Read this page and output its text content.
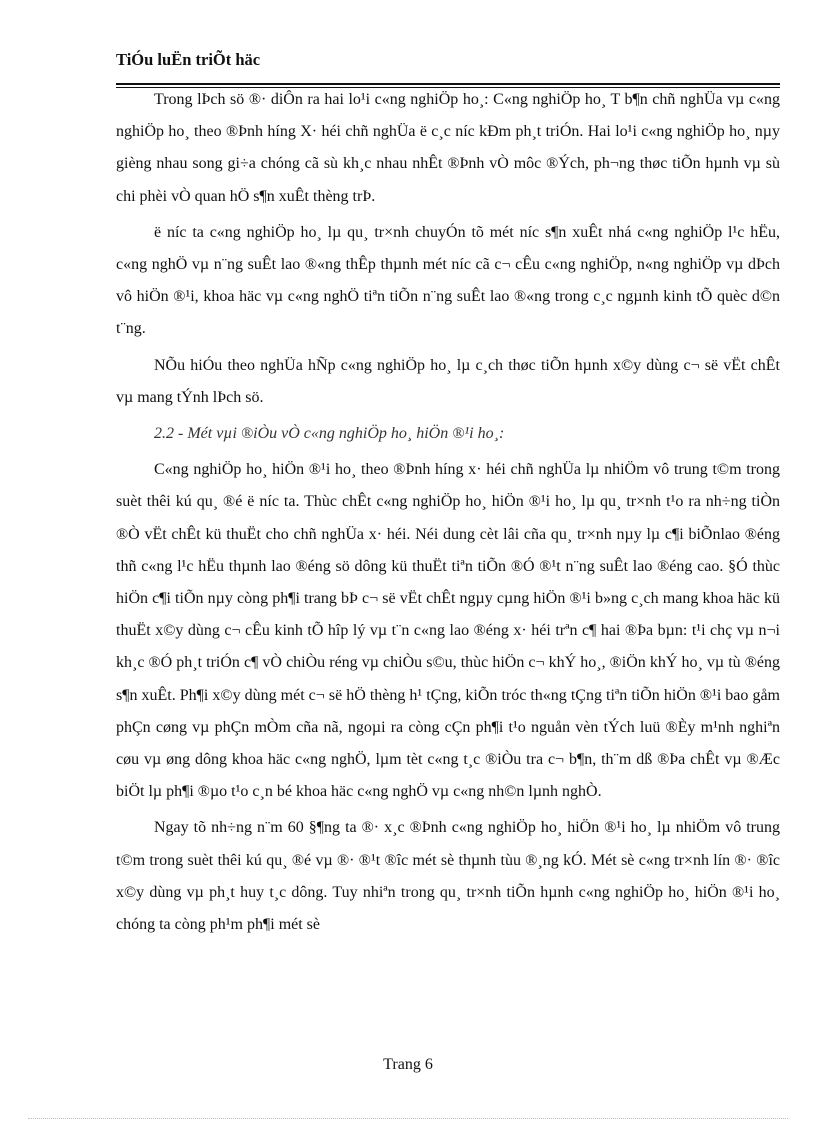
TiÓu luËn triÕt häc

Trong lÞch sö ®· diÔn ra hai lo¹i c«ng nghiÖp ho¸: C«ng nghiÖp ho¸ T b¶n chñ nghÜa vµ c«ng nghiÖp ho¸ theo ®Þnh híng X· héi chñ nghÜa ë c¸c níc kÐm ph¸t triÓn. Hai lo¹i c«ng nghiÖp ho¸ nµy gièng nhau song gi÷a chóng cã sù kh¸c nhau nhÊt ®Þnh vÒ môc ®Ých, ph¬ng thøc tiÕn hµnh vµ sù chi phèi vÒ quan hÖ s¶n xuÊt thèng trÞ.

ë níc ta c«ng nghiÖp ho¸ lµ qu¸ tr×nh chuyÓn tõ mét níc s¶n xuÊt nhá c«ng nghiÖp l¹c hËu, c«ng nghÖ vµ n¨ng suÊt lao ®«ng thÊp thµnh mét níc cã c¬ cÊu c«ng nghiÖp, n«ng nghiÖp vµ dÞch vô hiÖn ®¹i, khoa häc vµ c«ng nghÖ tiªn tiÕn n¨ng suÊt lao ®«ng trong c¸c ngµnh kinh tÕ quèc d©n t¨ng.

NÕu hiÓu theo nghÜa hÑp c«ng nghiÖp ho¸ lµ c¸ch thøc tiÕn hµnh x©y dùng c¬ së vËt chÊt vµ mang tÝnh lÞch sö.

2.2 - Mét vµi ®iÒu vÒ c«ng nghiÖp ho¸ hiÖn ®¹i ho¸:

C«ng nghiÖp ho¸ hiÖn ®¹i ho¸ theo ®Þnh híng x· héi chñ nghÜa lµ nhiÖm vô trung t©m trong suèt thêi kú qu¸ ®é ë níc ta. Thùc chÊt c«ng nghiÖp ho¸ hiÖn ®¹i ho¸ lµ qu¸ tr×nh t¹o ra nh÷ng tiÒn ®Ò vËt chÊt kü thuËt cho chñ nghÜa x· héi. Néi dung cèt lâi cña qu¸ tr×nh nµy lµ c¶i biÕnlao ®éng thñ c«ng l¹c hËu thµnh lao ®éng sö dông kü thuËt tiªn tiÕn ®Ó ®¹t n¨ng suÊt lao ®éng cao. §Ó thùc hiÖn c¶i tiÕn nµy còng ph¶i trang bÞ c¬ së vËt chÊt ngµy cµng hiÖn ®¹i b»ng c¸ch mang khoa häc kü thuËt x©y dùng c¬ cÊu kinh tÕ hîp lý vµ t¨n c«ng lao ®éng x· héi trªn c¶ hai ®Þa bµn: t¹i chç vµ n¬i kh¸c ®Ó ph¸t triÓn c¶ vÒ chiÒu réng vµ chiÒu s©u, thùc hiÖn c¬ khÝ ho¸, ®iÖn khÝ ho¸ vµ tù ®éng s¶n xuÊt. Ph¶i x©y dùng mét c¬ së hÖ thèng h¹ tÇng, kiÕn tróc th«ng tÇng tiªn tiÕn hiÖn ®¹i bao gåm phÇn cøng vµ phÇn mÒm cña nã, ngoµi ra còng cÇn ph¶i t¹o nguån vèn tÝch luü ®Èy m¹nh nghiªn cøu vµ øng dông khoa häc c«ng nghÖ, lµm tèt c«ng t¸c ®iÒu tra c¬ b¶n, th¨m dß ®Þa chÊt vµ ®Æc biÖt lµ ph¶i ®µo t¹o c¸n bé khoa häc c«ng nghÖ vµ c«ng nh©n lµnh nghÒ.

Ngay tõ nh÷ng n¨m 60 §¶ng ta ®· x¸c ®Þnh c«ng nghiÖp ho¸ hiÖn ®¹i ho¸ lµ nhiÖm vô trung t©m trong suèt thêi kú qu¸ ®é vµ ®· ®¹t ®îc mét sè thµnh tùu ®¸ng kÓ. Mét sè c«ng tr×nh lín ®· ®îc x©y dùng vµ ph¸t huy t¸c dông. Tuy nhiªn trong qu¸ tr×nh tiÕn hµnh c«ng nghiÖp ho¸ hiÖn ®¹i ho¸ chóng ta còng ph¹m ph¶i mét sè

Trang 6
